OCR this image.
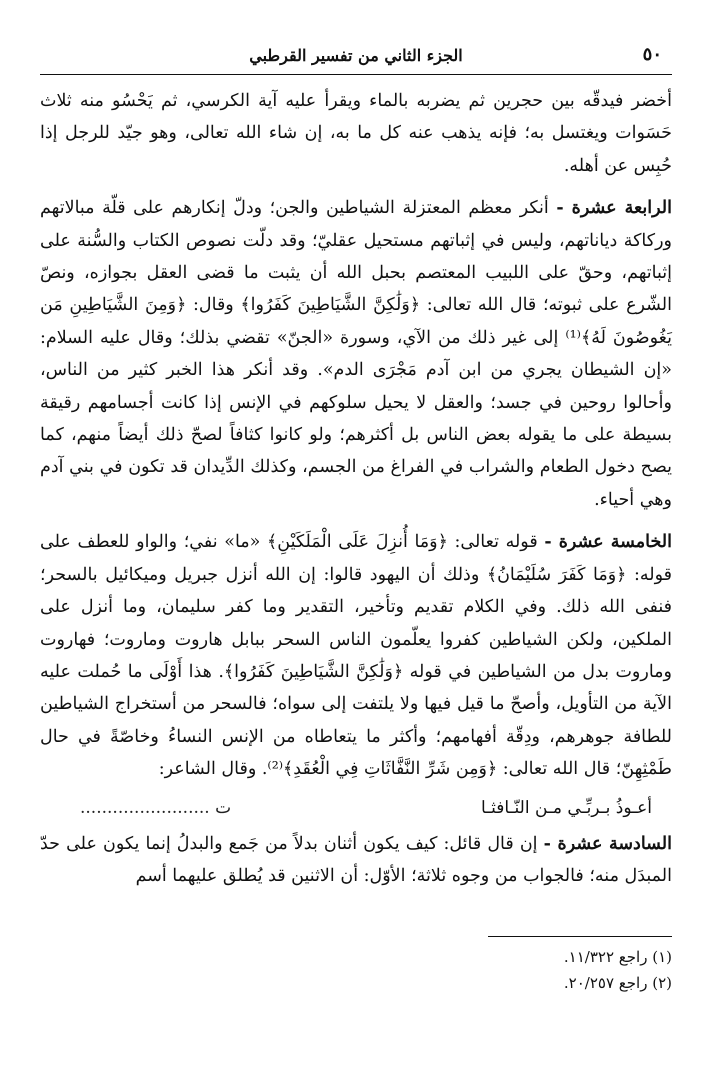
٥٠
الجزء الثاني من تفسير القرطبي

أخضر فيدقّه بين حجرين ثم يضربه بالماء ويقرأ عليه آية الكرسي، ثم يَحْسُو منه ثلاث حَسَوات ويغتسل به؛ فإنه يذهب عنه كل ما به، إن شاء الله تعالى، وهو جيّد للرجل إذا حُبِس عن أهله.

الرابعة عشرة - أنكر معظم المعتزلة الشياطين والجن؛ ودلّ إنكارهم على قلّة مبالاتهم وركاكة دياناتهم، وليس في إثباتهم مستحيل عقليّ؛ وقد دلّت نصوص الكتاب والسُّنة على إثباتهم، وحقّ على اللبيب المعتصم بحبل الله أن يثبت ما قضى العقل بجوازه، ونصّ الشّرع على ثبوته؛ قال الله تعالى: ﴿وَلَٰكِنَّ الشَّيَاطِينَ كَفَرُوا﴾ وقال: ﴿وَمِنَ الشَّيَاطِينِ مَن يَغُوصُونَ لَهُ﴾⁽¹⁾ إلى غير ذلك من الآي، وسورة «الجنّ» تقضي بذلك؛ وقال عليه السلام: «إن الشيطان يجري من ابن آدم مَجْرَى الدم». وقد أنكر هذا الخبر كثير من الناس، وأحالوا روحين في جسد؛ والعقل لا يحيل سلوكهم في الإنس إذا كانت أجسامهم رقيقة بسيطة على ما يقوله بعض الناس بل أكثرهم؛ ولو كانوا كثافاً لصحّ ذلك أيضاً منهم، كما يصح دخول الطعام والشراب في الفراغ من الجسم، وكذلك الدِّيدان قد تكون في بني آدم وهي أحياء.

الخامسة عشرة - قوله تعالى: ﴿وَمَا أُنزِلَ عَلَى الْمَلَكَيْنِ﴾ «ما» نفي؛ والواو للعطف على قوله: ﴿وَمَا كَفَرَ سُلَيْمَانُ﴾ وذلك أن اليهود قالوا: إن الله أنزل جبريل وميكائيل بالسحر؛ فنفى الله ذلك. وفي الكلام تقديم وتأخير، التقدير وما كفر سليمان، وما أنزل على الملكين، ولكن الشياطين كفروا يعلّمون الناس السحر ببابل هاروت وماروت؛ فهاروت وماروت بدل من الشياطين في قوله ﴿وَلَٰكِنَّ الشَّيَاطِينَ كَفَرُوا﴾. هذا أَوْلَى ما حُملت عليه الآية من التأويل، وأصحّ ما قيل فيها ولا يلتفت إلى سواه؛ فالسحر من أستخراج الشياطين للطافة جوهرهم، ودِقّة أفهامهم؛ وأكثر ما يتعاطاه من الإنس النساءُ وخاصّةً في حال طَمْثِهِنّ؛ قال الله تعالى: ﴿وَمِن شَرِّ النَّفَّاثَاتِ فِي الْعُقَدِ﴾⁽²⁾. وقال الشاعر:

أعـوذُ بـربِّـي مـن النّـافثـا
ت ........................

السادسة عشرة - إن قال قائل: كيف يكون أثنان بدلاً من جَمع والبدلُ إنما يكون على حدّ المبدَل منه؛ فالجواب من وجوه ثلاثة؛ الأوّل: أن الاثنين قد يُطلق عليهما أسم

(١) راجع ١١/٣٢٢.

(٢) راجع ٢٠/٢٥٧.
